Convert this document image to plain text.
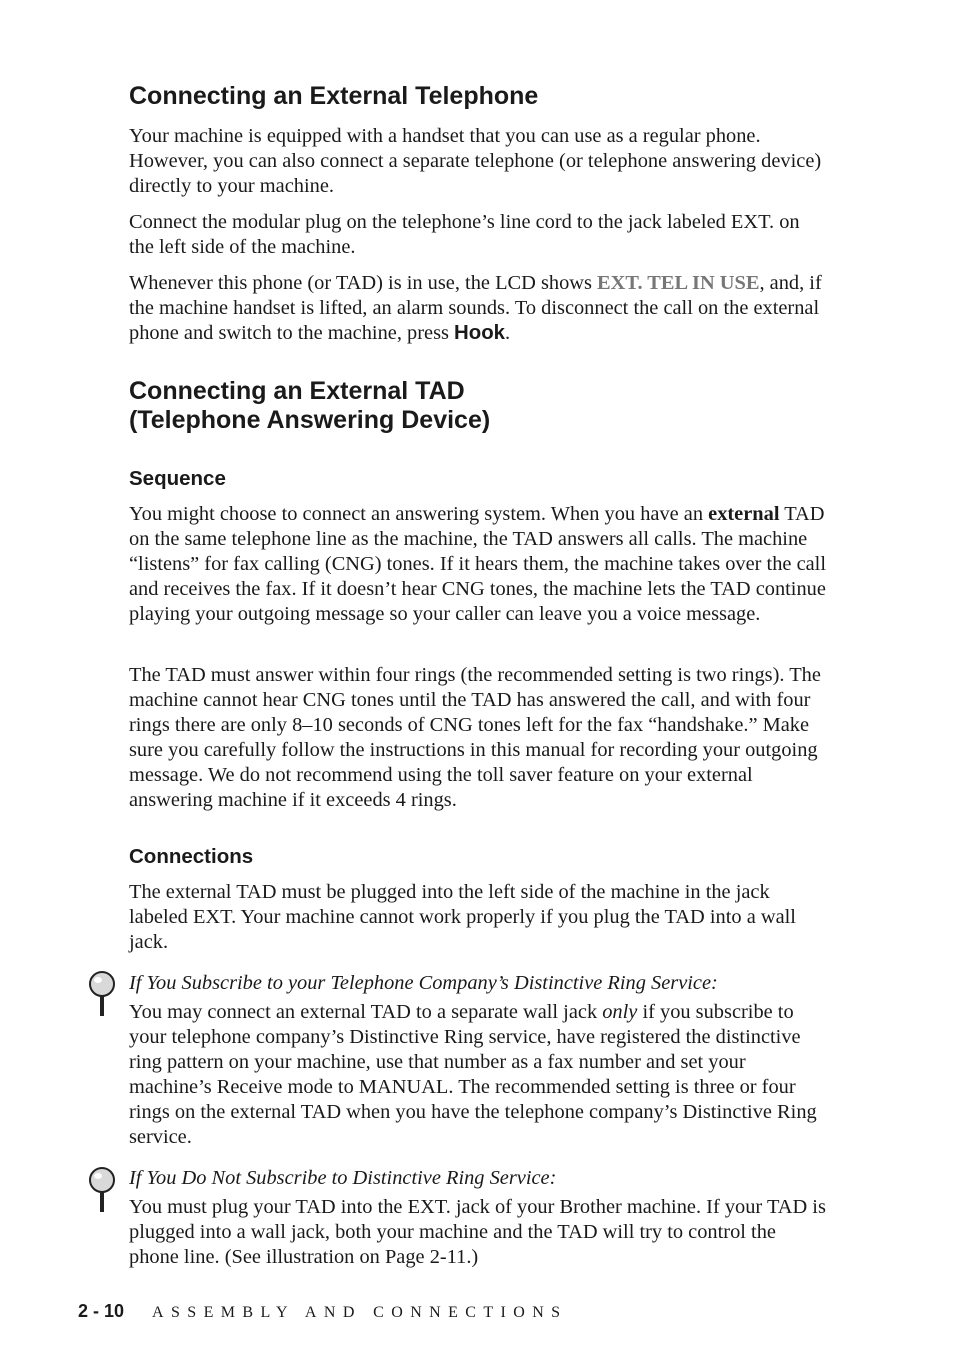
Connecting an External Telephone

Your machine is equipped with a handset that you can use as a regular phone. However, you can also connect a separate telephone (or telephone answering device) directly to your machine.

Connect the modular plug on the telephone’s line cord to the jack labeled EXT. on the left side of the machine.

Whenever this phone (or TAD) is in use, the LCD shows EXT. TEL IN USE, and, if the machine handset is lifted, an alarm sounds. To disconnect the call on the external phone and switch to the machine, press Hook.

Connecting an External TAD
(Telephone Answering Device)
Sequence

You might choose to connect an answering system. When you have an external TAD on the same telephone line as the machine, the TAD answers all calls. The machine “listens” for fax calling (CNG) tones. If it hears them, the machine takes over the call and receives the fax. If it doesn’t hear CNG tones, the machine lets the TAD continue playing your outgoing message so your caller can leave you a voice message.

The TAD must answer within four rings (the recommended setting is two rings). The machine cannot hear CNG tones until the TAD has answered the call, and with four rings there are only 8–10 seconds of CNG tones left for the fax “handshake.” Make sure you carefully follow the instructions in this manual for recording your outgoing message. We do not recommend using the toll saver feature on your external answering machine if it exceeds 4 rings.

Connections

The external TAD must be plugged into the left side of the machine in the jack labeled EXT. Your machine cannot work properly if you plug the TAD into a wall jack.

If You Subscribe to your Telephone Company’s Distinctive Ring Service:

You may connect an external TAD to a separate wall jack only if you subscribe to your telephone company’s Distinctive Ring service, have registered the distinctive ring pattern on your machine, use that number as a fax number and set your machine’s Receive mode to MANUAL. The recommended setting is three or four rings on the external TAD when you have the telephone company’s Distinctive Ring service.

If You Do Not Subscribe to Distinctive Ring Service:

You must plug your TAD into the EXT. jack of your Brother machine. If your TAD is plugged into a wall jack, both your machine and the TAD will try to control the phone line. (See illustration on Page 2-11.)

2 - 10 ASSEMBLY AND CONNECTIONS
